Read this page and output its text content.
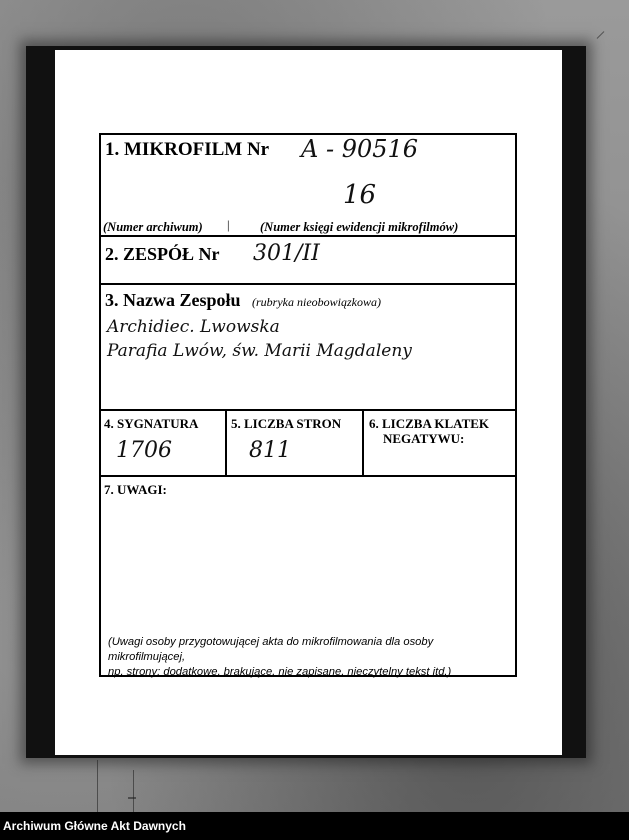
1. MIKROFILM Nr A - 90516
16
(Numer archiwum) | (Numer księgi ewidencji mikrofilmów)
2. ZESPÓŁ Nr 301/II
3. Nazwa Zespołu (rubryka nieobowiązkowa)
Archidiec. Lwowska
Parafia Lwów, św. Marii Magdaleny
4. SYGNATURA
1706
5. LICZBA STRON
811
6. LICZBA KLATEK
NEGATYWU:
7. UWAGI:
(Uwagi osoby przygotowującej akta do mikrofilmowania dla osoby mikrofilmującej,
np. strony: dodatkowe, brakujące, nie zapisane, nieczytelny tekst itd.)
Archiwum Główne Akt Dawnych
